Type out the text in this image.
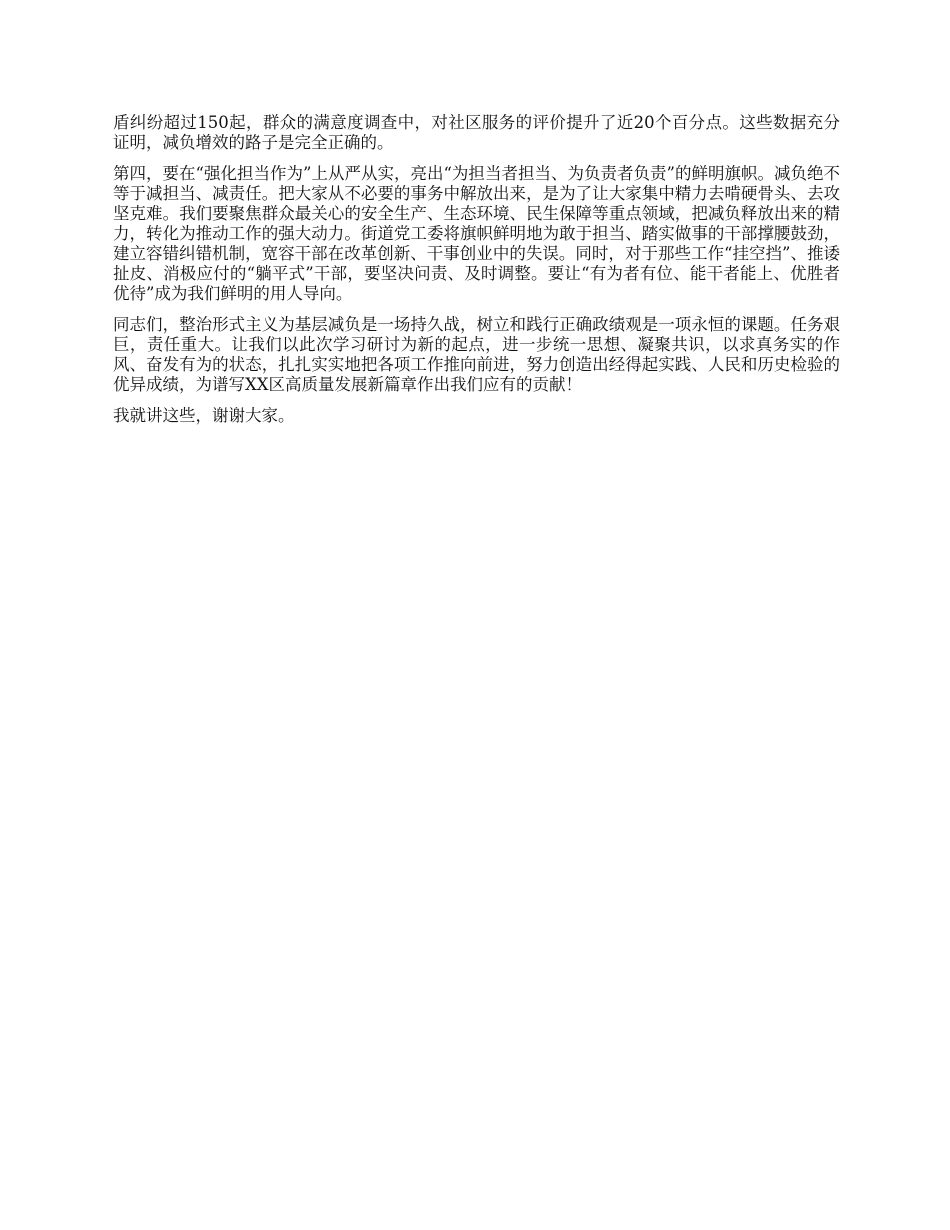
盾纠纷超过150起，群众的满意度调查中，对社区服务的评价提升了近20个百分点。这些数据充分证明，减负增效的路子是完全正确的。

第四，要在“强化担当作为”上从严从实，亮出“为担当者担当、为负责者负责”的鲜明旗帜。减负绝不等于减担当、减责任。把大家从不必要的事务中解放出来，是为了让大家集中精力去啃硬骨头、去攻坚克难。我们要聚焦群众最关心的安全生产、生态环境、民生保障等重点领域，把减负释放出来的精力，转化为推动工作的强大动力。街道党工委将旗帜鲜明地为敢于担当、踏实做事的干部撑腰鼓劲，建立容错纠错机制，宽容干部在改革创新、干事创业中的失误。同时，对于那些工作“挂空挡”、推诿扯皮、消极应付的“躺平式”干部，要坚决问责、及时调整。要让“有为者有位、能干者能上、优胜者优待”成为我们鲜明的用人导向。

同志们，整治形式主义为基层减负是一场持久战，树立和践行正确政绩观是一项永恒的课题。任务艰巨，责任重大。让我们以此次学习研讨为新的起点，进一步统一思想、凝聚共识，以求真务实的作风、奋发有为的状态，扎扎实实地把各项工作推向前进，努力创造出经得起实践、人民和历史检验的优异成绩，为谱写XX区高质量发展新篇章作出我们应有的贡献！

我就讲这些，谢谢大家。
